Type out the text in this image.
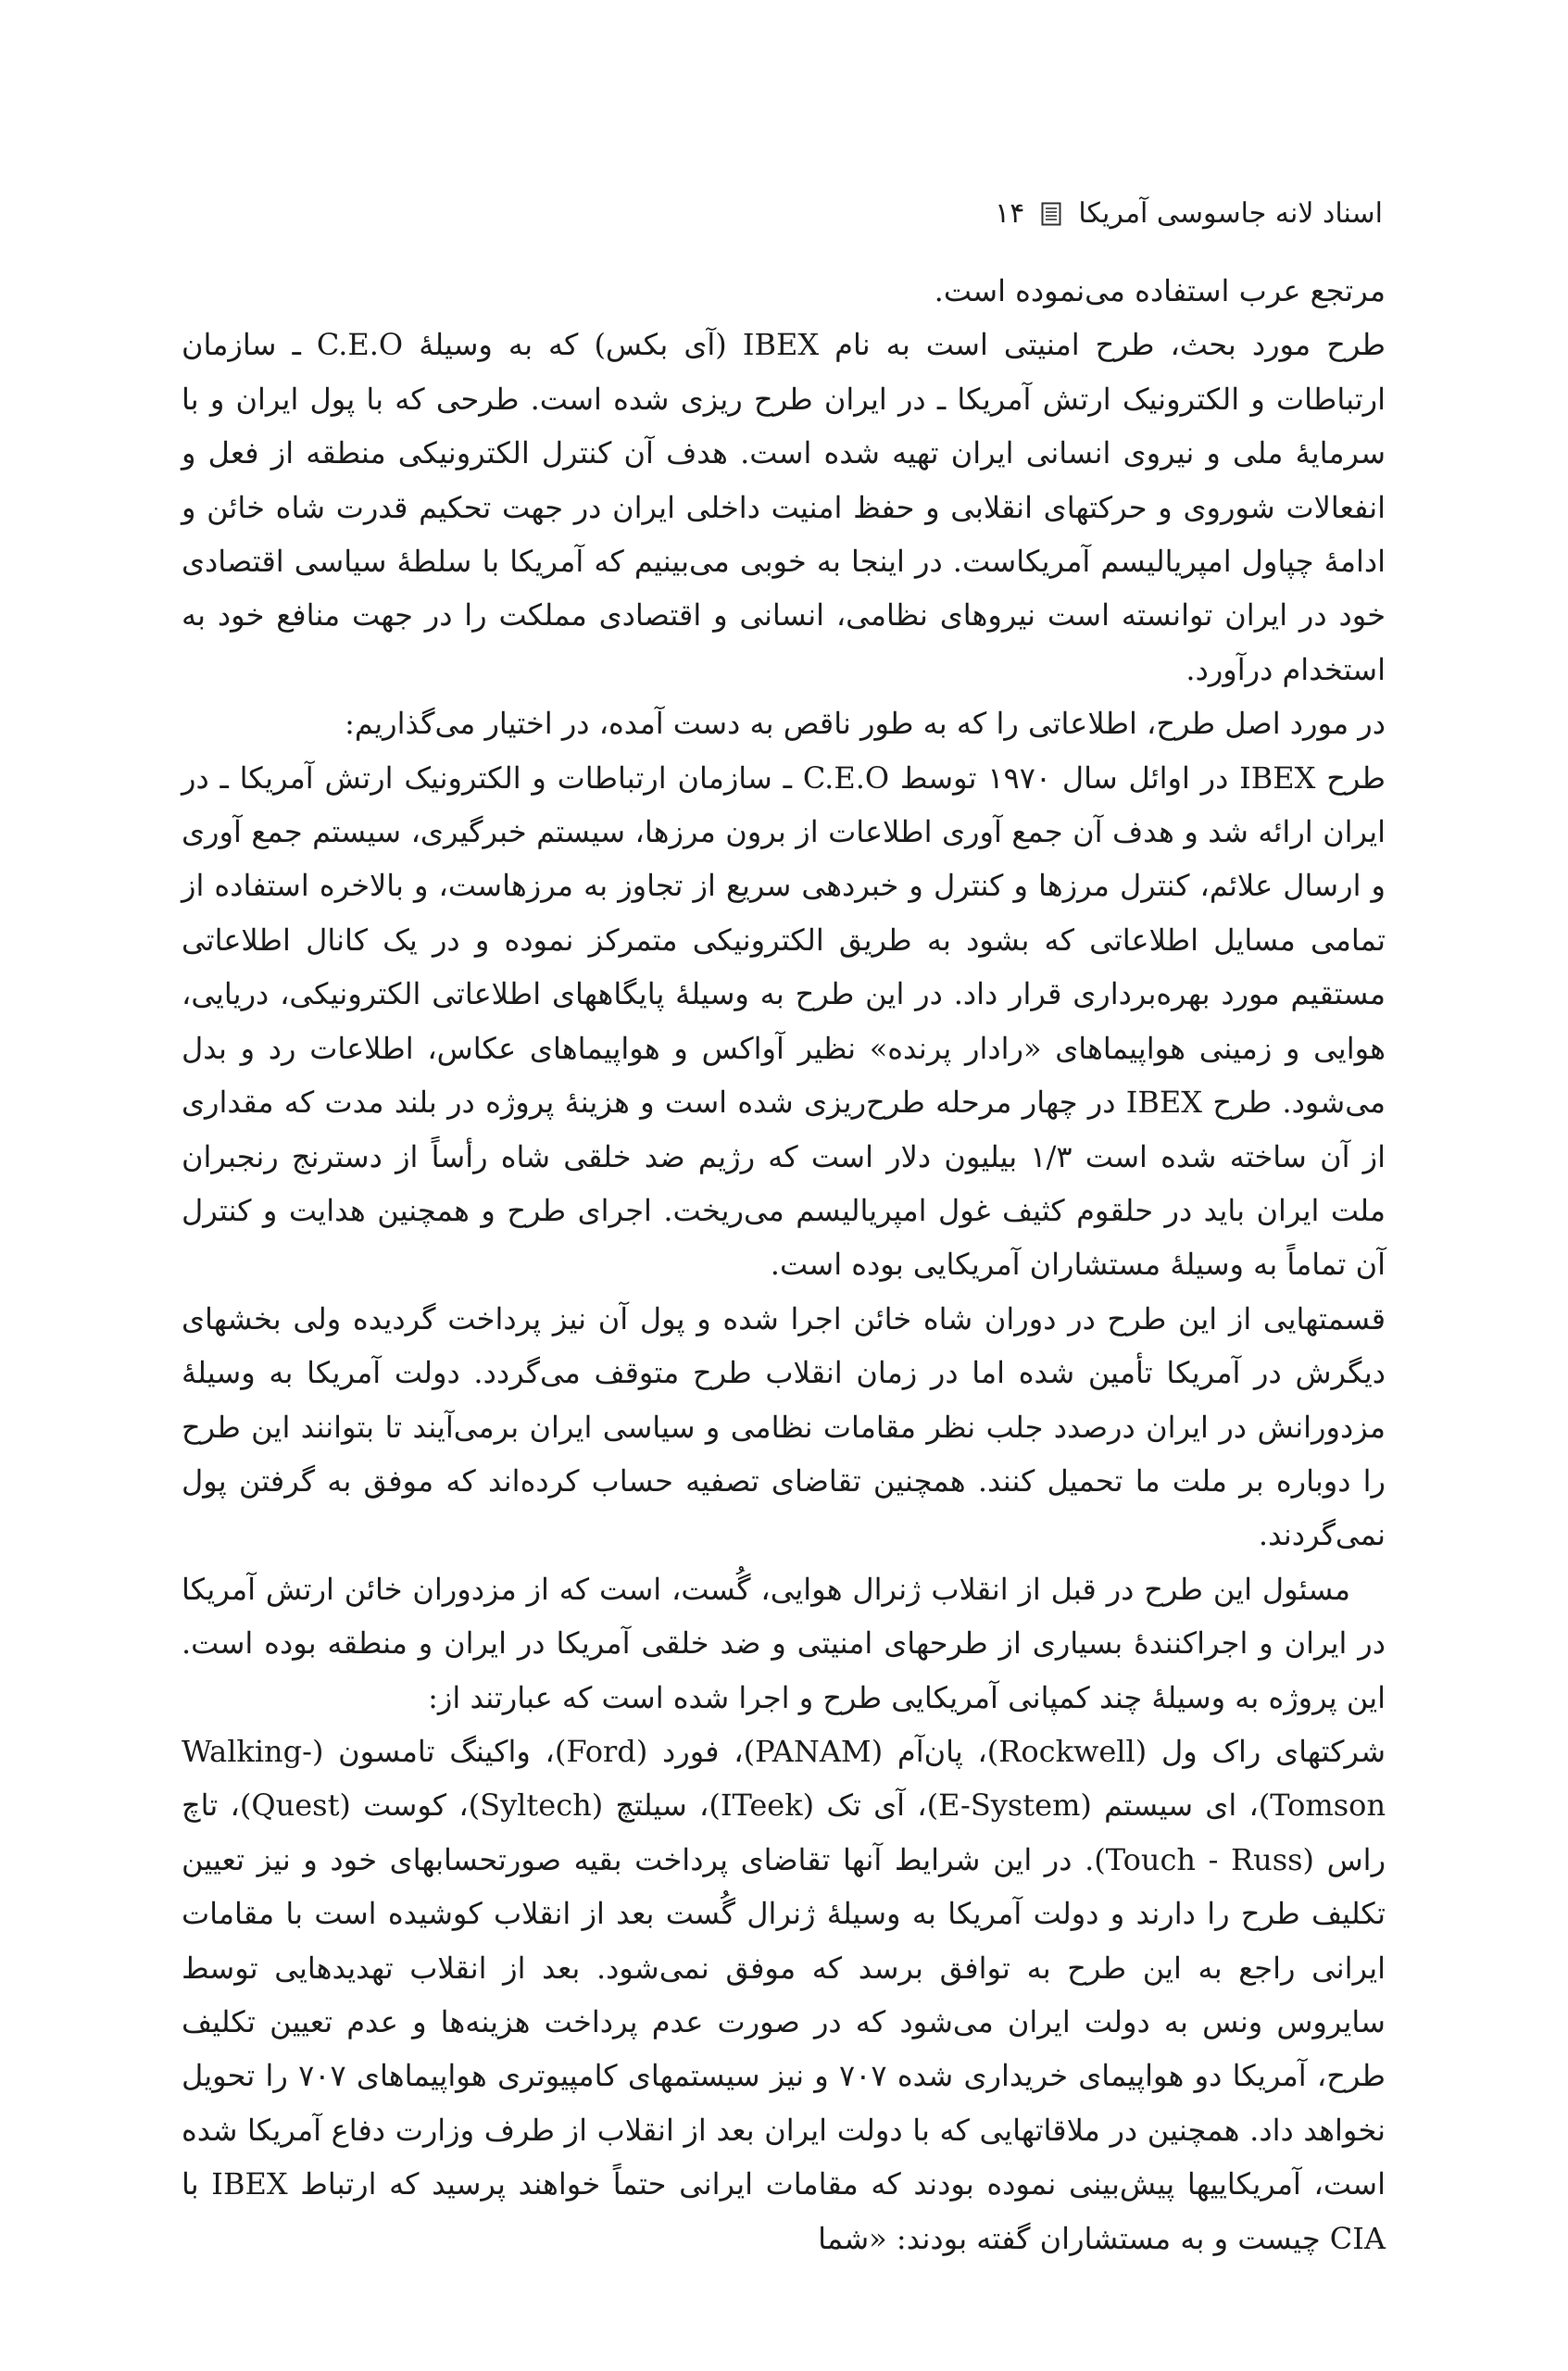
اسناد لانه جاسوسی آمریکا
۱۴

مرتجع عرب استفاده می‌نموده است.

طرح مورد بحث، طرح امنیتی است به نام IBEX (آی بکس) که به وسیلهٔ C.E.O ـ سازمان ارتباطات و الکترونیک ارتش آمریکا ـ در ایران طرح ریزی شده است. طرحی که با پول ایران و با سرمایهٔ ملی و نیروی انسانی ایران تهیه شده است. هدف آن کنترل الکترونیکی منطقه از فعل و انفعالات شوروی و حرکتهای انقلابی و حفظ امنیت داخلی ایران در جهت تحکیم قدرت شاه خائن و ادامهٔ چپاول امپریالیسم آمریکاست. در اینجا به خوبی می‌بینیم که آمریکا با سلطهٔ سیاسی اقتصادی خود در ایران توانسته است نیروهای نظامی، انسانی و اقتصادی مملکت را در جهت منافع خود به استخدام درآورد.

در مورد اصل طرح، اطلاعاتی را که به طور ناقص به دست آمده، در اختیار می‌گذاریم:

طرح IBEX در اوائل سال ۱۹۷۰ توسط C.E.O ـ سازمان ارتباطات و الکترونیک ارتش آمریکا ـ در ایران ارائه شد و هدف آن جمع آوری اطلاعات از برون مرزها، سیستم خبرگیری، سیستم جمع آوری و ارسال علائم، کنترل مرزها و کنترل و خبردهی سریع از تجاوز به مرزهاست، و بالاخره استفاده از تمامی مسایل اطلاعاتی که بشود به طریق الکترونیکی متمرکز نموده و در یک کانال اطلاعاتی مستقیم مورد بهره‌برداری قرار داد. در این طرح به وسیلهٔ پایگاههای اطلاعاتی الکترونیکی، دریایی، هوایی و زمینی هواپیماهای «رادار پرنده» نظیر آواکس و هواپیماهای عکاس، اطلاعات رد و بدل می‌شود. طرح IBEX در چهار مرحله طرح‌ریزی شده است و هزینهٔ پروژه در بلند مدت که مقداری از آن ساخته شده است ۱/۳ بیلیون دلار است که رژیم ضد خلقی شاه رأساً از دسترنج رنجبران ملت ایران باید در حلقوم کثیف غول امپریالیسم می‌ریخت. اجرای طرح و همچنین هدایت و کنترل آن تماماً به وسیلهٔ مستشاران آمریکایی بوده است.

قسمتهایی از این طرح در دوران شاه خائن اجرا شده و پول آن نیز پرداخت گردیده ولی بخشهای دیگرش در آمریکا تأمین شده اما در زمان انقلاب طرح متوقف می‌گردد. دولت آمریکا به وسیلهٔ مزدورانش در ایران درصدد جلب نظر مقامات نظامی و سیاسی ایران برمی‌آیند تا بتوانند این طرح را دوباره بر ملت ما تحمیل کنند. همچنین تقاضای تصفیه حساب کرده‌اند که موفق به گرفتن پول نمی‌گردند.

مسئول این طرح در قبل از انقلاب ژنرال هوایی، گُست، است که از مزدوران خائن ارتش آمریکا در ایران و اجراکنندهٔ بسیاری از طرحهای امنیتی و ضد خلقی آمریکا در ایران و منطقه بوده است. این پروژه به وسیلهٔ چند کمپانی آمریکایی طرح و اجرا شده است که عبارتند از:

شرکتهای راک ول (Rockwell)، پان‌آم (PANAM)، فورد (Ford)، واکینگ تامسون (Walking-Tomson)، ای سیستم (E-System)، آی تک (ITeek)، سیلتچ (Syltech)، کوست (Quest)، تاچ راس (Touch - Russ). در این شرایط آنها تقاضای پرداخت بقیه صورتحسابهای خود و نیز تعیین تکلیف طرح را دارند و دولت آمریکا به وسیلهٔ ژنرال گُست بعد از انقلاب کوشیده است با مقامات ایرانی راجع به این طرح به توافق برسد که موفق نمی‌شود. بعد از انقلاب تهدیدهایی توسط سایروس ونس به دولت ایران می‌شود که در صورت عدم پرداخت هزینه‌ها و عدم تعیین تکلیف طرح، آمریکا دو هواپیمای خریداری شده ۷۰۷ و نیز سیستمهای کامپیوتری هواپیماهای ۷۰۷ را تحویل نخواهد داد. همچنین در ملاقاتهایی که با دولت ایران بعد از انقلاب از طرف وزارت دفاع آمریکا شده است، آمریکاییها پیش‌بینی نموده بودند که مقامات ایرانی حتماً خواهند پرسید که ارتباط IBEX با CIA چیست و به مستشاران گفته بودند: «شما
